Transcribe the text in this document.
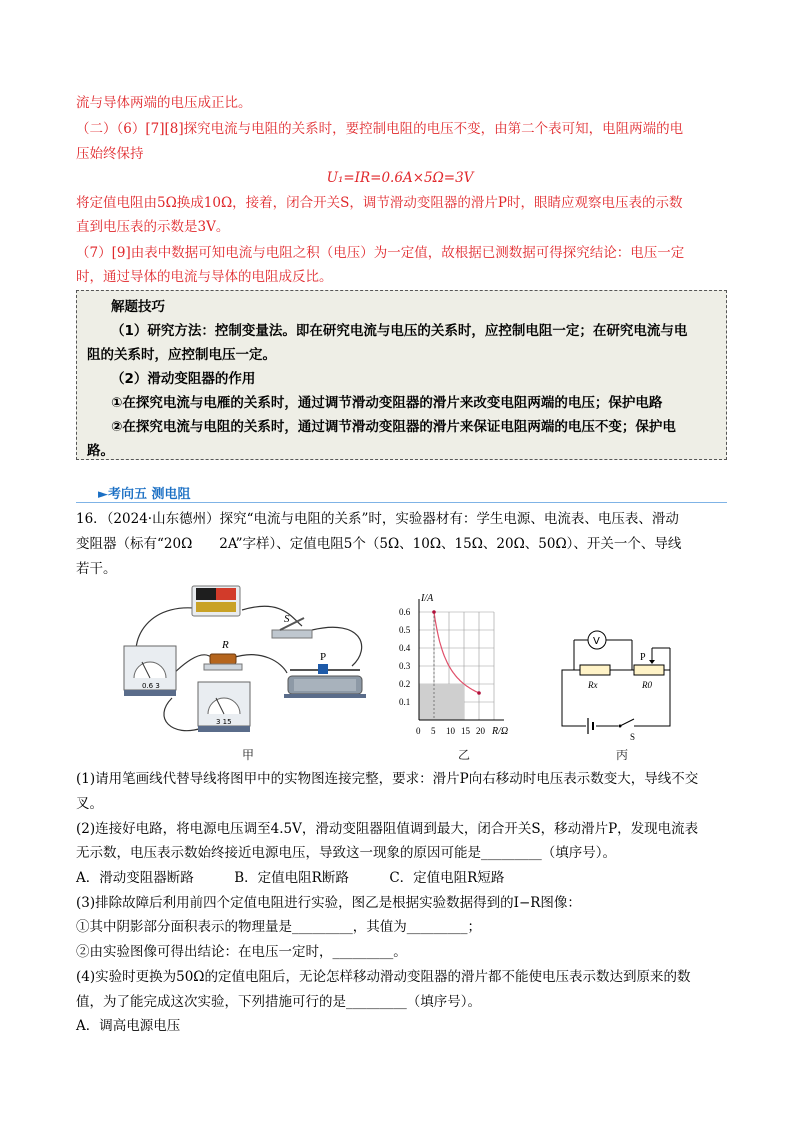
流与导体两端的电压成正比。

（二）（6）[7][8]探究电流与电阻的关系时，要控制电阻的电压不变，由第二个表可知，电阻两端的电

压始终保持

U₁=IR=0.6A×5Ω=3V

将定值电阻由5Ω换成10Ω，接着，闭合开关S，调节滑动变阻器的滑片P时，眼睛应观察电压表的示数

直到电压表的示数是3V。

（7）[9]由表中数据可知电流与电阻之积（电压）为一定值，故根据已测数据可得探究结论：电压一定

时，通过导体的电流与导体的电阻成反比。

解题技巧
（1）研究方法：控制变量法。即在研究电流与电压的关系时，应控制电阻一定；在研究电流与电
阻的关系时，应控制电压一定。
（2）滑动变阻器的作用
①在探究电流与电雁的关系时，通过调节滑动变阻器的滑片来改变电阻两端的电压；保护电路
②在探究电流与电阻的关系时，通过调节滑动变阻器的滑片来保证电阻两端的电压不变；保护电
路。
►考向五 测电阻

16．（2024·山东德州）探究“电流与电阻的关系”时，实验器材有：学生电源、电流表、电压表、滑动

变阻器（标有“20Ω　　2A”字样）、定值电阻5个（5Ω、10Ω、15Ω、20Ω、50Ω）、开关一个、导线

若干。

S
R
0.6 3
3 15
P
甲
I/A
R/Ω
0.6
0.5
0.4
0.3
0.2
0.1
0 5 10 15 20
乙
V
P
Rx	R0
S
丙

(1)请用笔画线代替导线将图甲中的实物图连接完整，要求：滑片P向右移动时电压表示数变大，导线不交

叉。

(2)连接好电路，将电源电压调至4.5V，滑动变阻器阻值调到最大，闭合开关S，移动滑片P，发现电流表

无示数，电压表示数始终接近电源电压，导致这一现象的原因可能是_________（填序号）。

A．滑动变阻器断路　　　B．定值电阻R断路　　　C．定值电阻R短路

(3)排除故障后利用前四个定值电阻进行实验，图乙是根据实验数据得到的I−R图像：

①其中阴影部分面积表示的物理量是_________，其值为_________；

②由实验图像可得出结论：在电压一定时，_________。

(4)实验时更换为50Ω的定值电阻后，无论怎样移动滑动变阻器的滑片都不能使电压表示数达到原来的数

值，为了能完成这次实验，下列措施可行的是_________（填序号）。

A．调高电源电压
